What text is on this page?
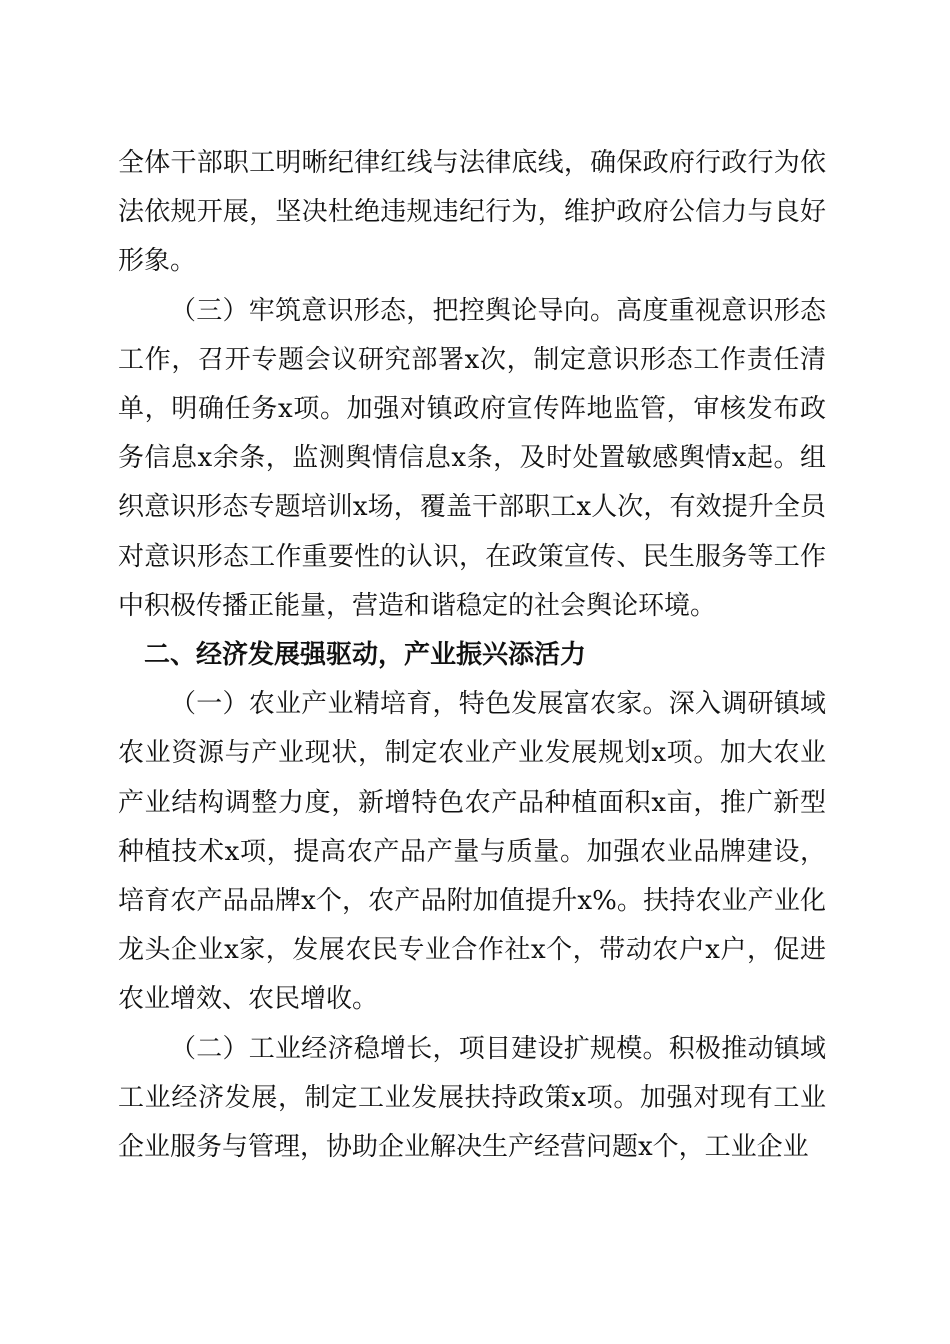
全体干部职工明晰纪律红线与法律底线，确保政府行政行为依法依规开展，坚决杜绝违规违纪行为，维护政府公信力与良好形象。

（三）牢筑意识形态，把控舆论导向。高度重视意识形态工作，召开专题会议研究部署x次，制定意识形态工作责任清单，明确任务x项。加强对镇政府宣传阵地监管，审核发布政务信息x余条，监测舆情信息x条，及时处置敏感舆情x起。组织意识形态专题培训x场，覆盖干部职工x人次，有效提升全员对意识形态工作重要性的认识，在政策宣传、民生服务等工作中积极传播正能量，营造和谐稳定的社会舆论环境。

二、经济发展强驱动，产业振兴添活力

（一）农业产业精培育，特色发展富农家。深入调研镇域农业资源与产业现状，制定农业产业发展规划x项。加大农业产业结构调整力度，新增特色农产品种植面积x亩，推广新型种植技术x项，提高农产品产量与质量。加强农业品牌建设，培育农产品品牌x个，农产品附加值提升x%。扶持农业产业化龙头企业x家，发展农民专业合作社x个，带动农户x户，促进农业增效、农民增收。

（二）工业经济稳增长，项目建设扩规模。积极推动镇域工业经济发展，制定工业发展扶持政策x项。加强对现有工业企业服务与管理，协助企业解决生产经营问题x个，工业企业
